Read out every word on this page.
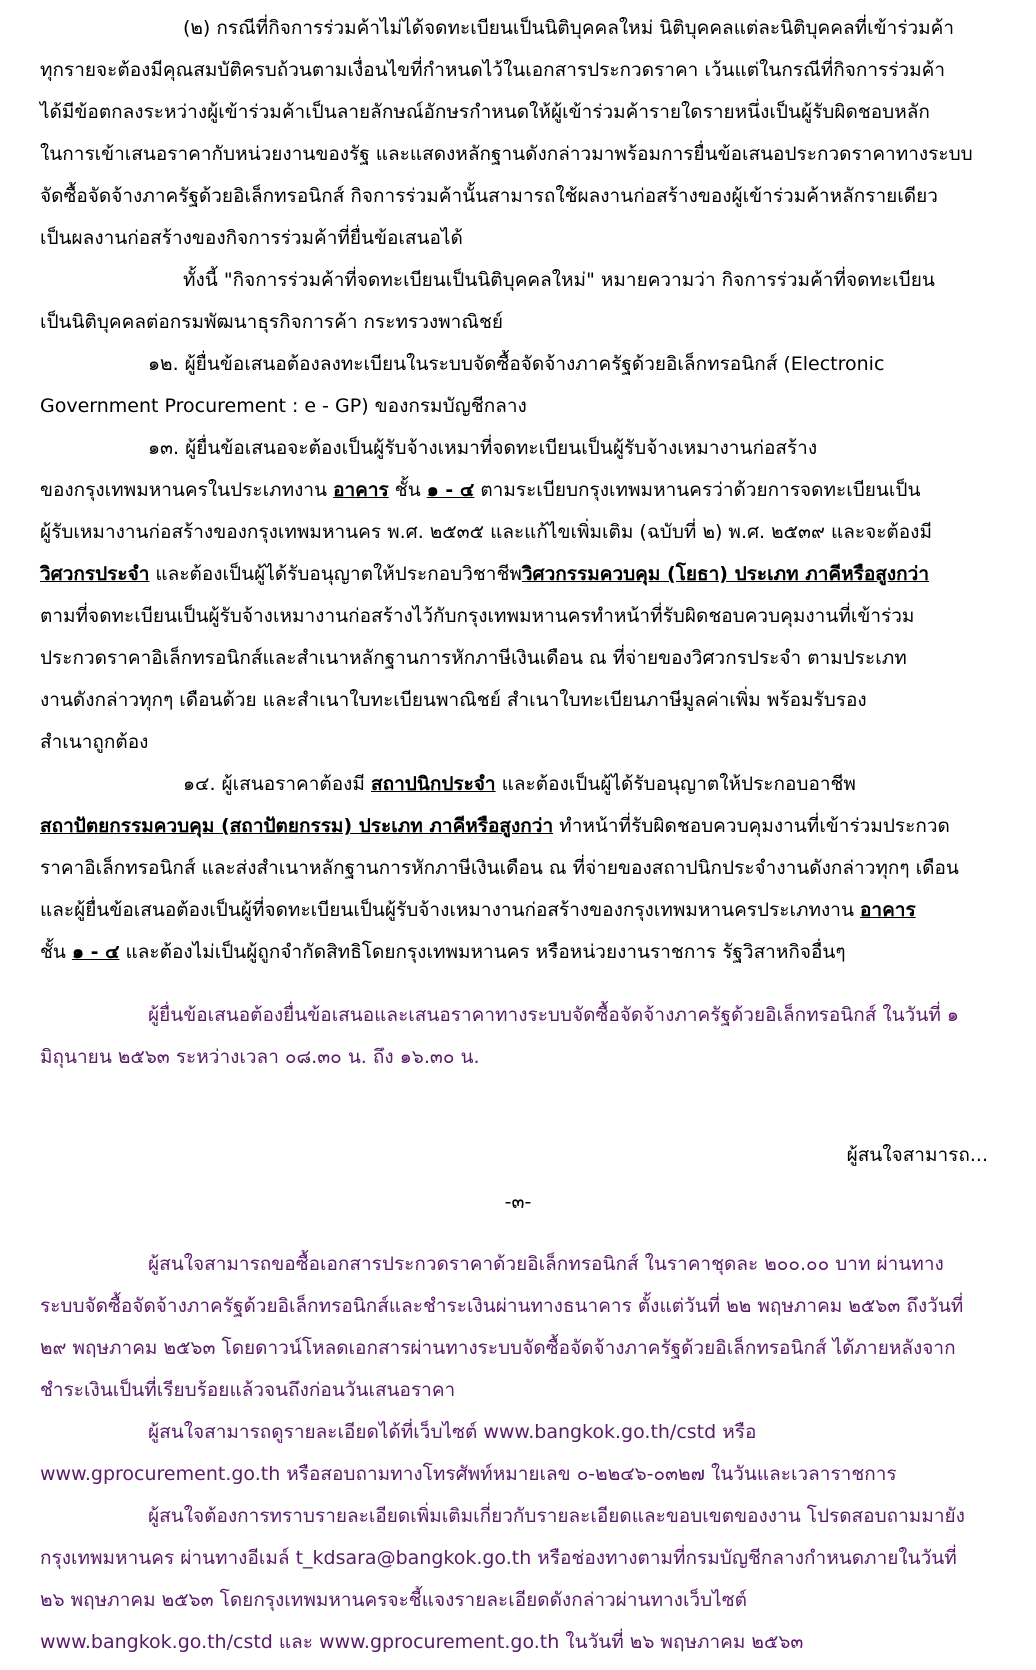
(๒) กรณีที่กิจการร่วมค้าไม่ได้จดทะเบียนเป็นนิติบุคคลใหม่ นิติบุคคลแต่ละนิติบุคคลที่เข้าร่วมค้า
ทุกรายจะต้องมีคุณสมบัติครบถ้วนตามเงื่อนไขที่กำหนดไว้ในเอกสารประกวดราคา เว้นแต่ในกรณีที่กิจการร่วมค้า
ได้มีข้อตกลงระหว่างผู้เข้าร่วมค้าเป็นลายลักษณ์อักษรกำหนดให้ผู้เข้าร่วมค้ารายใดรายหนึ่งเป็นผู้รับผิดชอบหลัก
ในการเข้าเสนอราคากับหน่วยงานของรัฐ และแสดงหลักฐานดังกล่าวมาพร้อมการยื่นข้อเสนอประกวดราคาทางระบบ
จัดซื้อจัดจ้างภาครัฐด้วยอิเล็กทรอนิกส์ กิจการร่วมค้านั้นสามารถใช้ผลงานก่อสร้างของผู้เข้าร่วมค้าหลักรายเดียว
เป็นผลงานก่อสร้างของกิจการร่วมค้าที่ยื่นข้อเสนอได้
ทั้งนี้ "กิจการร่วมค้าที่จดทะเบียนเป็นนิติบุคคลใหม่" หมายความว่า กิจการร่วมค้าที่จดทะเบียน
เป็นนิติบุคคลต่อกรมพัฒนาธุรกิจการค้า กระทรวงพาณิชย์
๑๒. ผู้ยื่นข้อเสนอต้องลงทะเบียนในระบบจัดซื้อจัดจ้างภาครัฐด้วยอิเล็กทรอนิกส์ (Electronic
Government Procurement : e - GP) ของกรมบัญชีกลาง
๑๓. ผู้ยื่นข้อเสนอจะต้องเป็นผู้รับจ้างเหมาที่จดทะเบียนเป็นผู้รับจ้างเหมางานก่อสร้าง
ของกรุงเทพมหานครในประเภทงาน อาคาร ชั้น ๑ - ๔ ตามระเบียบกรุงเทพมหานครว่าด้วยการจดทะเบียนเป็น
ผู้รับเหมางานก่อสร้างของกรุงเทพมหานคร พ.ศ. ๒๕๓๕ และแก้ไขเพิ่มเติม (ฉบับที่ ๒) พ.ศ. ๒๕๓๙ และจะต้องมี
วิศวกรประจำ และต้องเป็นผู้ได้รับอนุญาตให้ประกอบวิชาชีพวิศวกรรมควบคุม (โยธา) ประเภท ภาคีหรือสูงกว่า
ตามที่จดทะเบียนเป็นผู้รับจ้างเหมางานก่อสร้างไว้กับกรุงเทพมหานครทำหน้าที่รับผิดชอบควบคุมงานที่เข้าร่วม
ประกวดราคาอิเล็กทรอนิกส์และสำเนาหลักฐานการหักภาษีเงินเดือน ณ ที่จ่ายของวิศวกรประจำ ตามประเภท
งานดังกล่าวทุกๆ เดือนด้วย และสำเนาใบทะเบียนพาณิชย์ สำเนาใบทะเบียนภาษีมูลค่าเพิ่ม พร้อมรับรอง
สำเนาถูกต้อง
๑๔. ผู้เสนอราคาต้องมี สถาปนิกประจำ และต้องเป็นผู้ได้รับอนุญาตให้ประกอบอาชีพ
สถาปัตยกรรมควบคุม (สถาปัตยกรรม) ประเภท ภาคีหรือสูงกว่า ทำหน้าที่รับผิดชอบควบคุมงานที่เข้าร่วมประกวด
ราคาอิเล็กทรอนิกส์ และส่งสำเนาหลักฐานการหักภาษีเงินเดือน ณ ที่จ่ายของสถาปนิกประจำงานดังกล่าวทุกๆ เดือน
และผู้ยื่นข้อเสนอต้องเป็นผู้ที่จดทะเบียนเป็นผู้รับจ้างเหมางานก่อสร้างของกรุงเทพมหานครประเภทงาน อาคาร
ชั้น ๑ - ๔ และต้องไม่เป็นผู้ถูกจำกัดสิทธิโดยกรุงเทพมหานคร หรือหน่วยงานราชการ รัฐวิสาหกิจอื่นๆ
ผู้ยื่นข้อเสนอต้องยื่นข้อเสนอและเสนอราคาทางระบบจัดซื้อจัดจ้างภาครัฐด้วยอิเล็กทรอนิกส์ ในวันที่ ๑
มิถุนายน ๒๕๖๓ ระหว่างเวลา ๐๘.๓๐ น. ถึง ๑๖.๓๐ น.
ผู้สนใจสามารถ...
-๓-
ผู้สนใจสามารถขอซื้อเอกสารประกวดราคาด้วยอิเล็กทรอนิกส์ ในราคาชุดละ ๒๐๐.๐๐ บาท ผ่านทาง
ระบบจัดซื้อจัดจ้างภาครัฐด้วยอิเล็กทรอนิกส์และชำระเงินผ่านทางธนาคาร ตั้งแต่วันที่ ๒๒ พฤษภาคม ๒๕๖๓ ถึงวันที่
๒๙ พฤษภาคม ๒๕๖๓ โดยดาวน์โหลดเอกสารผ่านทางระบบจัดซื้อจัดจ้างภาครัฐด้วยอิเล็กทรอนิกส์ ได้ภายหลังจาก
ชำระเงินเป็นที่เรียบร้อยแล้วจนถึงก่อนวันเสนอราคา
ผู้สนใจสามารถดูรายละเอียดได้ที่เว็บไซต์ www.bangkok.go.th/cstd หรือ
www.gprocurement.go.th หรือสอบถามทางโทรศัพท์หมายเลข ๐-๒๒๔๖-๐๓๒๗ ในวันและเวลาราชการ
ผู้สนใจต้องการทราบรายละเอียดเพิ่มเติมเกี่ยวกับรายละเอียดและขอบเขตของงาน โปรดสอบถามมายัง
กรุงเทพมหานคร ผ่านทางอีเมล์ t_kdsara@bangkok.go.th หรือช่องทางตามที่กรมบัญชีกลางกำหนดภายในวันที่
๒๖ พฤษภาคม ๒๕๖๓ โดยกรุงเทพมหานครจะชี้แจงรายละเอียดดังกล่าวผ่านทางเว็บไซต์
www.bangkok.go.th/cstd และ www.gprocurement.go.th ในวันที่ ๒๖ พฤษภาคม ๒๕๖๓
